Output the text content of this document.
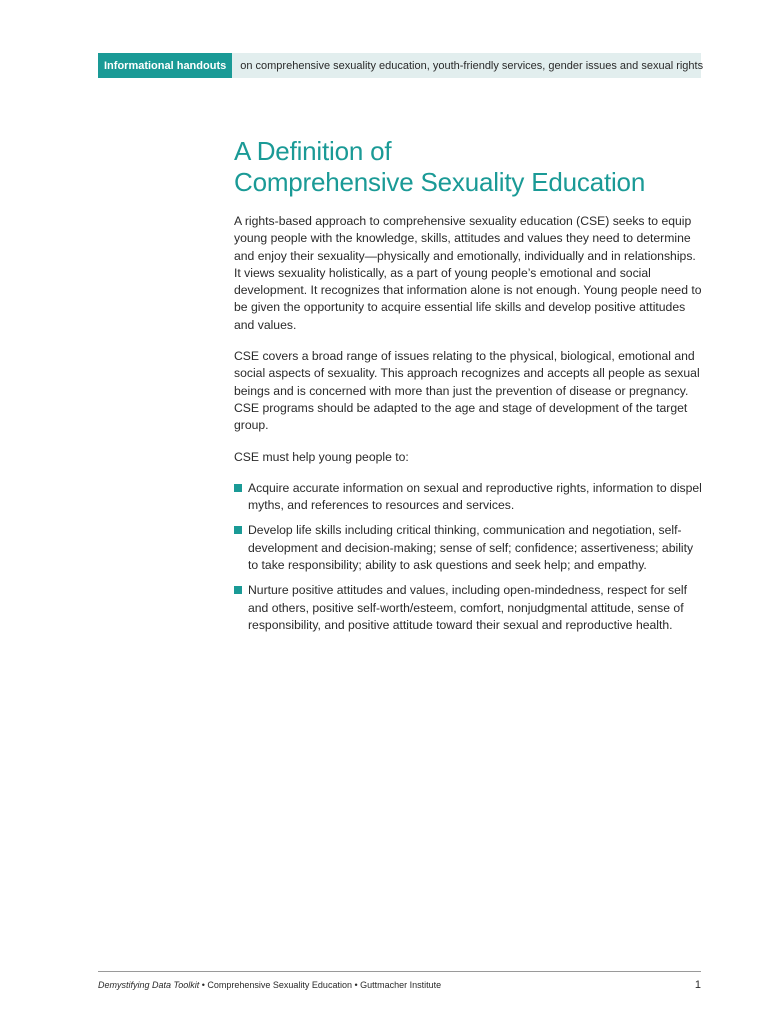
Informational handouts	on comprehensive sexuality education, youth-friendly services, gender issues and sexual rights
A Definition of
Comprehensive Sexuality Education

A rights-based approach to comprehensive sexuality education (CSE) seeks to equip young people with the knowledge, skills, attitudes and values they need to determine and enjoy their sexuality—physically and emotionally, individually and in relationships. It views sexuality holistically, as a part of young people’s emotional and social development. It recognizes that information alone is not enough. Young people need to be given the opportunity to acquire essential life skills and develop positive attitudes and values.

CSE covers a broad range of issues relating to the physical, biological, emotional and social aspects of sexuality. This approach recognizes and accepts all people as sexual beings and is concerned with more than just the prevention of disease or pregnancy. CSE programs should be adapted to the age and stage of development of the target group.

CSE must help young people to:

Acquire accurate information on sexual and reproductive rights, information to dispel myths, and references to resources and services.
Develop life skills including critical thinking, communication and negotiation, self-development and decision-making; sense of self; confidence; assertiveness; ability to take responsibility; ability to ask questions and seek help; and empathy.
Nurture positive attitudes and values, including open-mindedness, respect for self and others, positive self-worth/esteem, comfort, nonjudgmental attitude, sense of responsibility, and positive attitude toward their sexual and reproductive health.
Demystifying Data Toolkit • Comprehensive Sexuality Education • Guttmacher Institute	1
